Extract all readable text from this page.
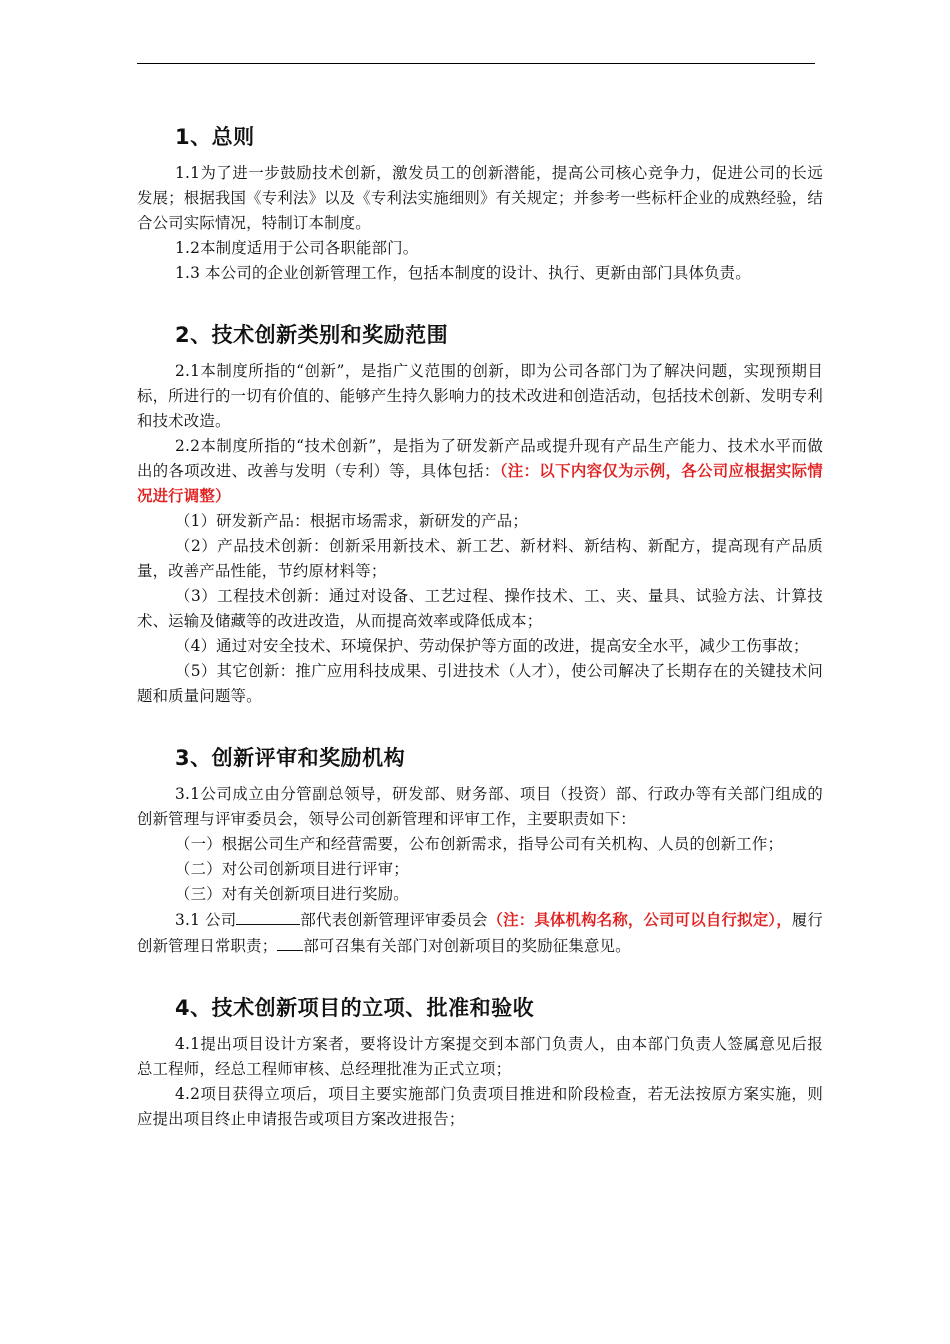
1、总则

1.1为了进一步鼓励技术创新，激发员工的创新潜能，提高公司核心竞争力，促进公司的长远发展；根据我国《专利法》以及《专利法实施细则》有关规定；并参考一些标杆企业的成熟经验，结合公司实际情况，特制订本制度。

1.2本制度适用于公司各职能部门。

1.3 本公司的企业创新管理工作，包括本制度的设计、执行、更新由部门具体负责。

2、技术创新类别和奖励范围

2.1本制度所指的“创新”，是指广义范围的创新，即为公司各部门为了解决问题，实现预期目标，所进行的一切有价值的、能够产生持久影响力的技术改进和创造活动，包括技术创新、发明专利和技术改造。

2.2本制度所指的“技术创新”，是指为了研发新产品或提升现有产品生产能力、技术水平而做出的各项改进、改善与发明（专利）等，具体包括：（注：以下内容仅为示例，各公司应根据实际情况进行调整）

（1）研发新产品：根据市场需求，新研发的产品；

（2）产品技术创新：创新采用新技术、新工艺、新材料、新结构、新配方，提高现有产品质量，改善产品性能，节约原材料等；

（3）工程技术创新：通过对设备、工艺过程、操作技术、工、夹、量具、试验方法、计算技术、运输及储藏等的改进改造，从而提高效率或降低成本；

（4）通过对安全技术、环境保护、劳动保护等方面的改进，提高安全水平，减少工伤事故；

（5）其它创新：推广应用科技成果、引进技术（人才），使公司解决了长期存在的关键技术问题和质量问题等。

3、创新评审和奖励机构

3.1公司成立由分管副总领导，研发部、财务部、项目（投资）部、行政办等有关部门组成的创新管理与评审委员会，领导公司创新管理和评审工作，主要职责如下：

（一）根据公司生产和经营需要，公布创新需求，指导公司有关机构、人员的创新工作；

（二）对公司创新项目进行评审；

（三）对有关创新项目进行奖励。

3.1 公司	部代表创新管理评审委员会（注：具体机构名称，公司可以自行拟定），履行创新管理日常职责； 部可召集有关部门对创新项目的奖励征集意见。

4、技术创新项目的立项、批准和验收

4.1提出项目设计方案者，要将设计方案提交到本部门负责人，由本部门负责人签属意见后报总工程师，经总工程师审核、总经理批准为正式立项；

4.2项目获得立项后，项目主要实施部门负责项目推进和阶段检查，若无法按原方案实施，则应提出项目终止申请报告或项目方案改进报告；
